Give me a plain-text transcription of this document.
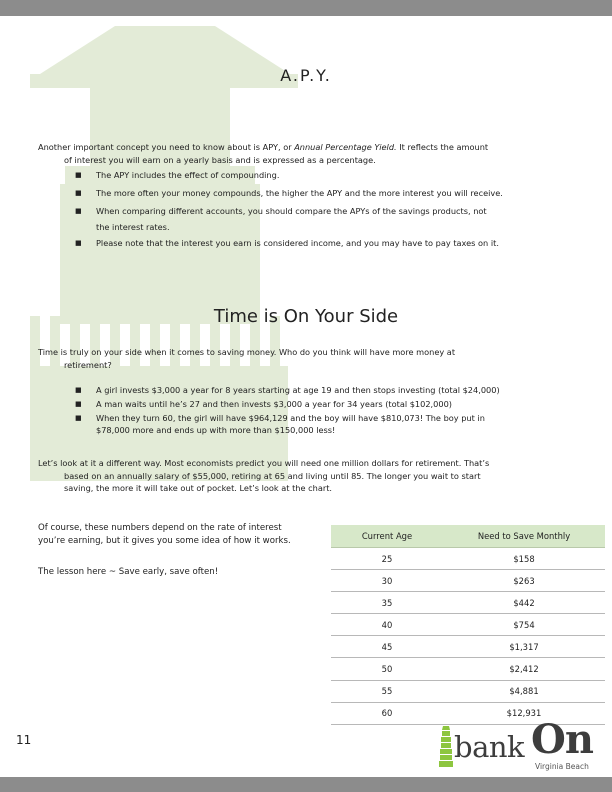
A.P.Y.
Another important concept you need to know about is APY, or Annual Percentage Yield. It reflects the amount
of interest you will earn on a yearly basis and is expressed as a percentage.
■ The APY includes the effect of compounding.
■ The more often your money compounds, the higher the APY and the more interest you will receive.
■ When comparing different accounts, you should compare the APYs of the savings products, not
the interest rates.
■ Please note that the interest you earn is considered income, and you may have to pay taxes on it.
Time is On Your Side
Time is truly on your side when it comes to saving money. Who do you think will have more money at
retirement?
■ A girl invests $3,000 a year for 8 years starting at age 19 and then stops investing (total $24,000)
■ A man waits until he’s 27 and then invests $3,000 a year for 34 years (total $102,000)
■ When they turn 60, the girl will have $964,129 and the boy will have $810,073! The boy put in
$78,000 more and ends up with more than $150,000 less!
Let’s look at it a different way. Most economists predict you will need one million dollars for retirement. That’s
based on an annually salary of $55,000, retiring at 65 and living until 85. The longer you wait to start
saving, the more it will take out of pocket. Let’s look at the chart.
Of course, these numbers depend on the rate of interest
you’re earning, but it gives you some idea of how it works.
The lesson here ~ Save early, save often!
Current Age	Need to Save Monthly
25	$158
30	$263
35	$442
40	$754
45	$1,317
50	$2,412
55	$4,881
60	$12,931
11	bank On
Virginia Beach
